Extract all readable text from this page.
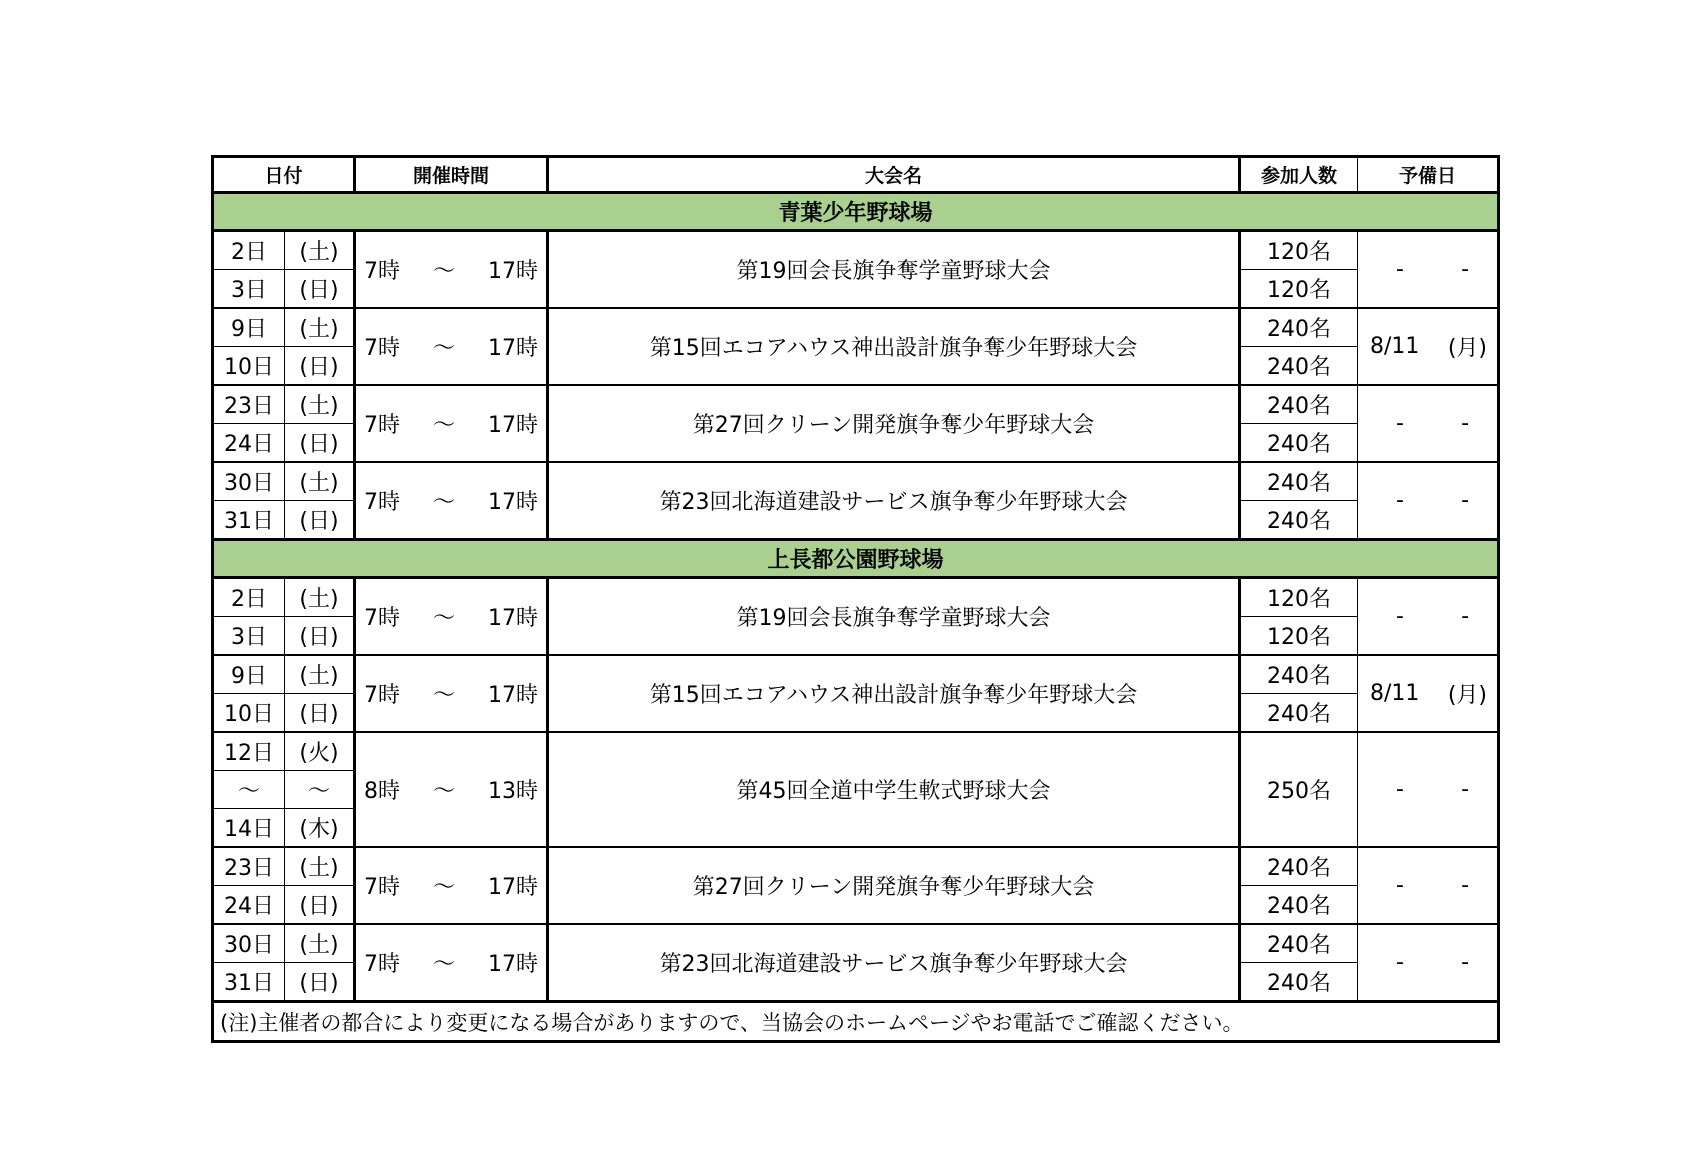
日付		開催時間	大会名	参加人数	予備日
青葉少年野球場					
2日	(土)	7時 ～ 17時	第19回会長旗争奪学童野球大会	120名	- -

3日	(日)			120名	
9日	(土)	7時 ～ 17時	第15回エコアハウス神出設計旗争奪少年野球大会	240名	8/11 (月)

10日	(日)			240名	
23日	(土)	7時 ～ 17時	第27回クリーン開発旗争奪少年野球大会	240名	- -

24日	(日)			240名	
30日	(土)	7時 ～ 17時	第23回北海道建設サービス旗争奪少年野球大会	240名	- -

31日	(日)			240名	
上長都公園野球場					
2日	(土)	7時 ～ 17時	第19回会長旗争奪学童野球大会	120名	- -

3日	(日)			120名	
9日	(土)	7時 ～ 17時	第15回エコアハウス神出設計旗争奪少年野球大会	240名	8/11 (月)

10日	(日)			240名	
12日	(火)	8時 ～ 13時	第45回全道中学生軟式野球大会	250名	- -

～	～				
14日	(木)				
23日	(土)	7時 ～ 17時	第27回クリーン開発旗争奪少年野球大会	240名	- -

24日	(日)			240名	
30日	(土)	7時 ～ 17時	第23回北海道建設サービス旗争奪少年野球大会	240名	- -

31日	(日)			240名	
(注)主催者の都合により変更になる場合がありますので、当協会のホームページやお電話でご確認ください。					
